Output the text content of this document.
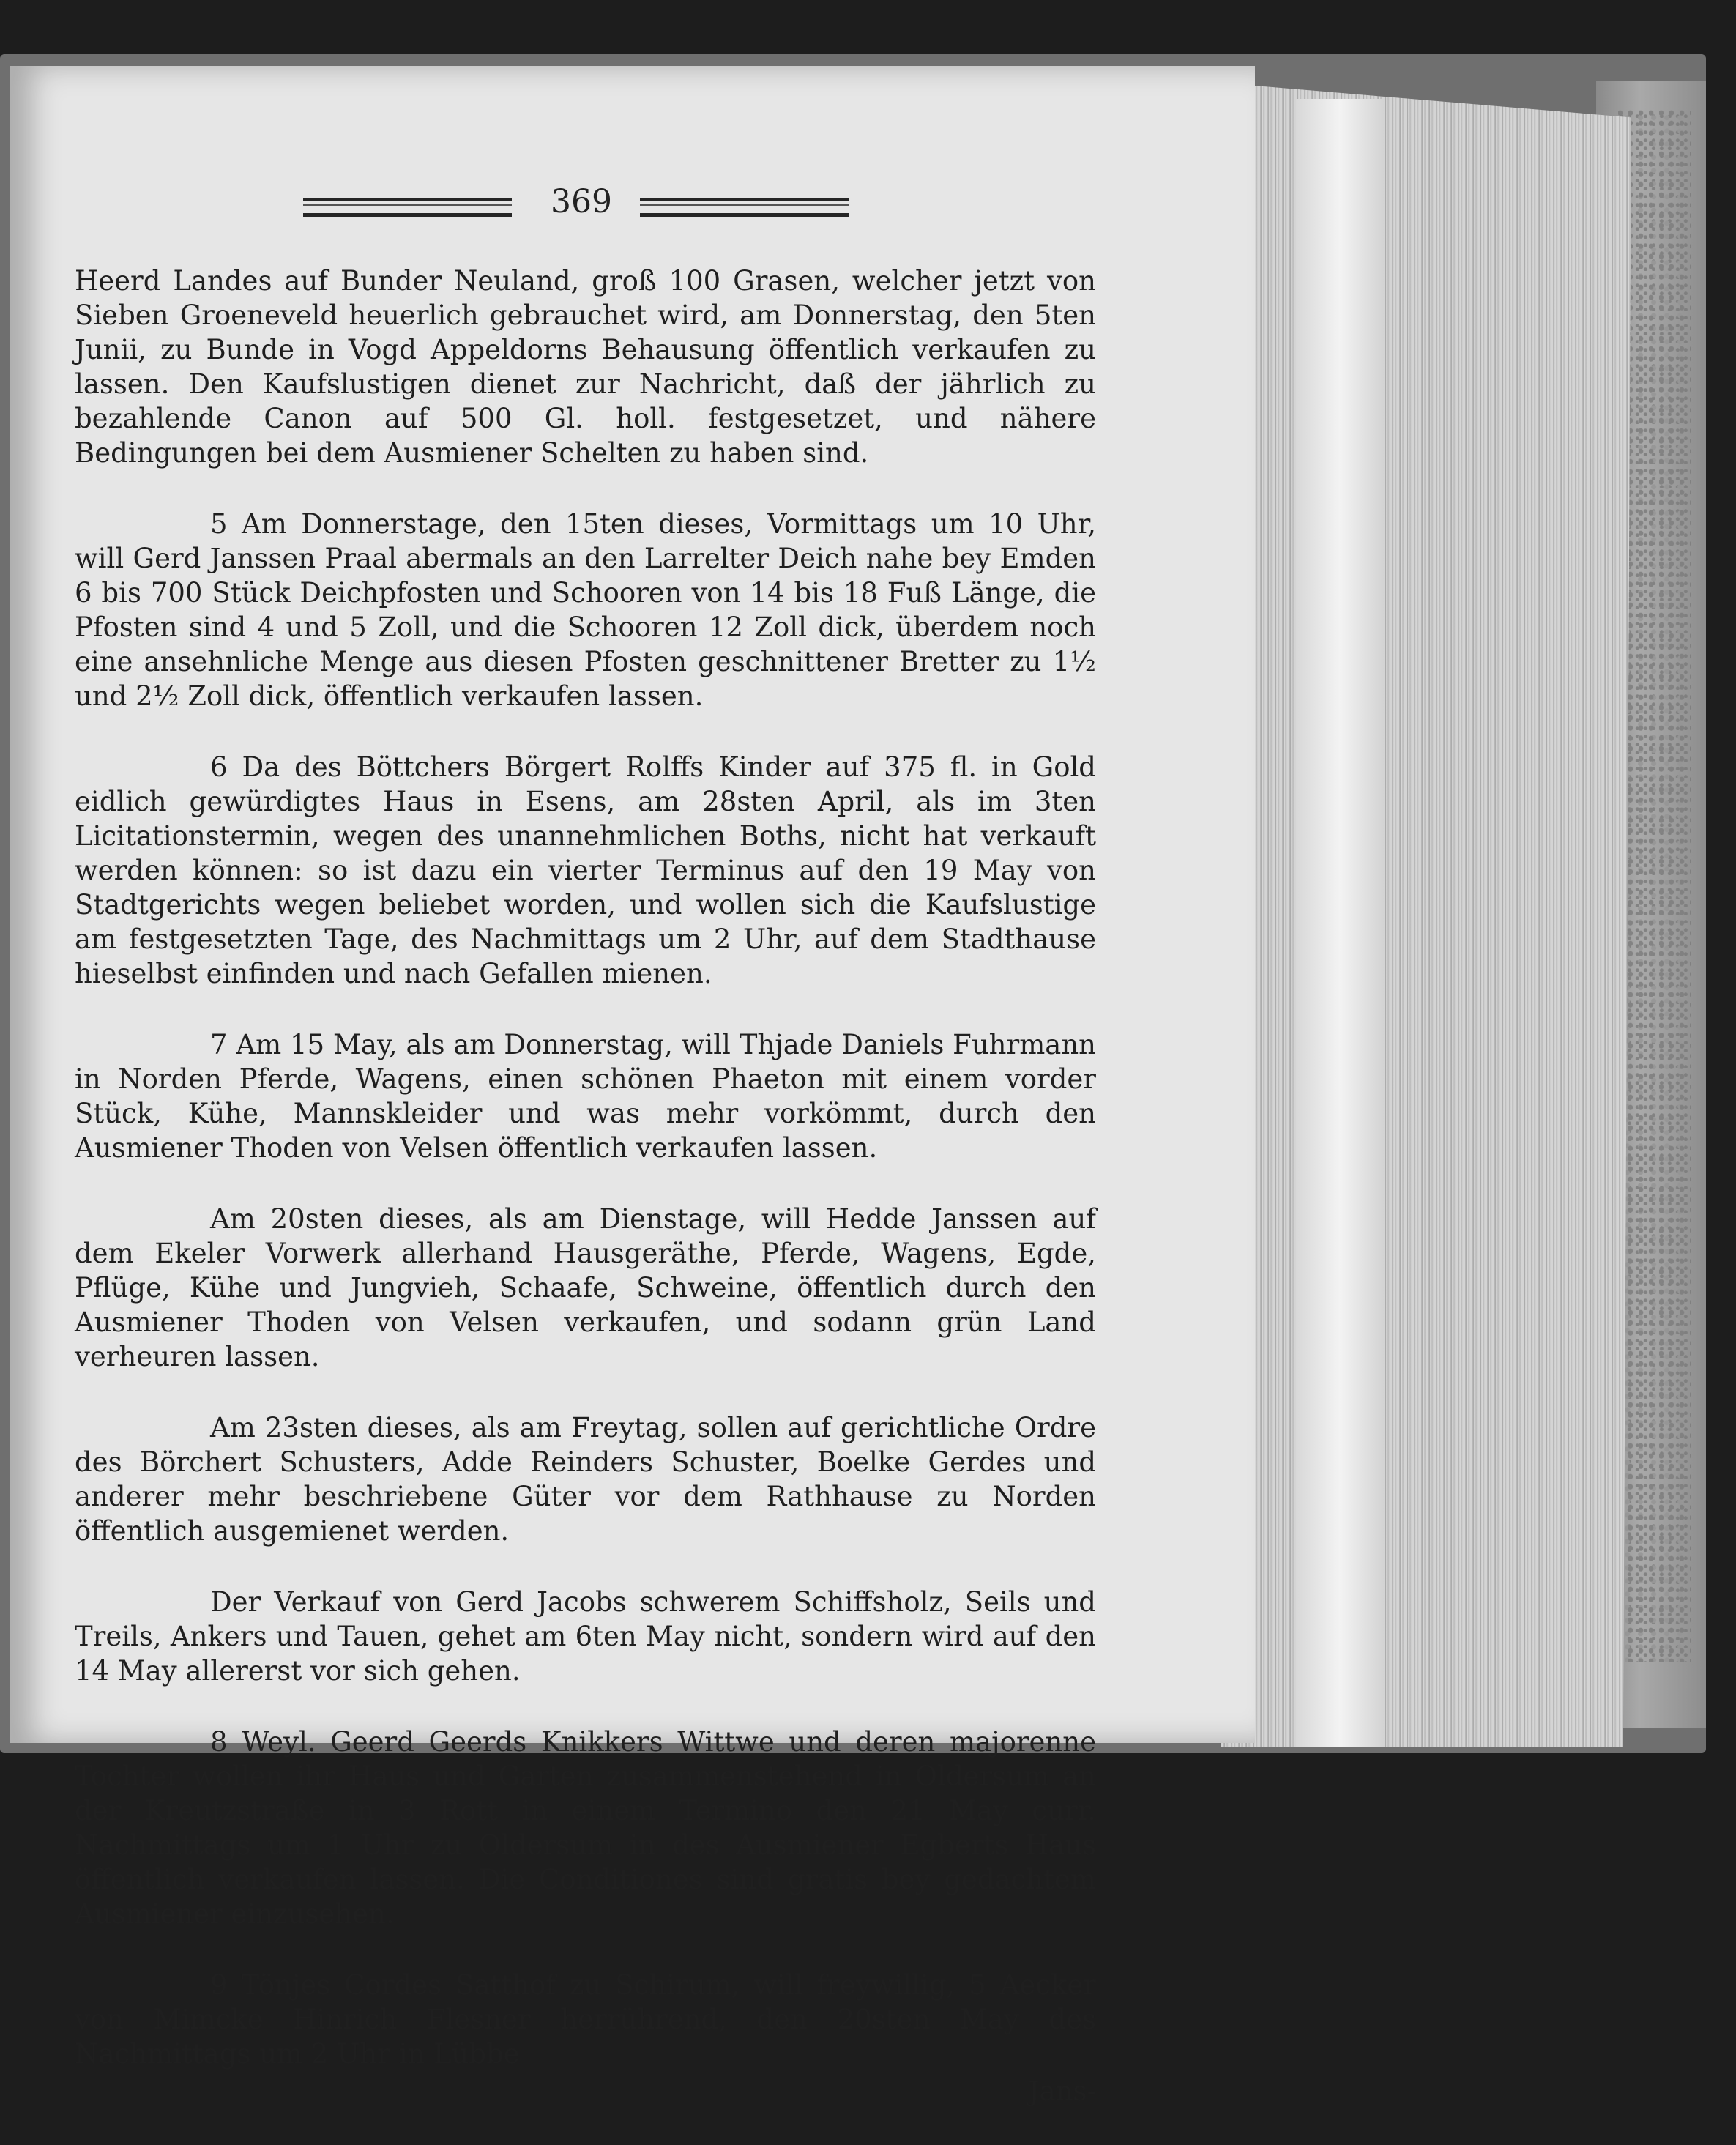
369

Heerd Landes auf Bunder Neuland, groß 100 Grasen, welcher jetzt von Sieben Groeneveld heuerlich gebrauchet wird, am Donnerstag, den 5ten Junii, zu Bunde in Vogd Appeldorns Behausung öffentlich verkaufen zu lassen. Den Kaufslustigen dienet zur Nachricht, daß der jährlich zu bezahlende Canon auf 500 Gl. holl. festgesetzet, und nähere Bedingungen bei dem Ausmiener Schelten zu haben sind.

5 Am Donnerstage, den 15ten dieses, Vormittags um 10 Uhr, will Gerd Janssen Praal abermals an den Larrelter Deich nahe bey Emden 6 bis 700 Stück Deichpfosten und Schooren von 14 bis 18 Fuß Länge, die Pfosten sind 4 und 5 Zoll, und die Schooren 12 Zoll dick, überdem noch eine ansehnliche Menge aus diesen Pfosten geschnittener Bretter zu 1½ und 2½ Zoll dick, öffentlich verkaufen lassen.

6 Da des Böttchers Börgert Rolffs Kinder auf 375 fl. in Gold eidlich gewürdigtes Haus in Esens, am 28sten April, als im 3ten Licitationstermin, wegen des unannehmlichen Boths, nicht hat verkauft werden können: so ist dazu ein vierter Terminus auf den 19 May von Stadtgerichts wegen beliebet worden, und wollen sich die Kaufslustige am festgesetzten Tage, des Nachmittags um 2 Uhr, auf dem Stadthause hieselbst einfinden und nach Gefallen mienen.

7 Am 15 May, als am Donnerstag, will Thjade Daniels Fuhrmann in Norden Pferde, Wagens, einen schönen Phaeton mit einem vorder Stück, Kühe, Mannskleider und was mehr vorkömmt, durch den Ausmiener Thoden von Velsen öffentlich verkaufen lassen.

Am 20sten dieses, als am Dienstage, will Hedde Janssen auf dem Ekeler Vorwerk allerhand Hausgeräthe, Pferde, Wagens, Egde, Pflüge, Kühe und Jungvieh, Schaafe, Schweine, öffentlich durch den Ausmiener Thoden von Velsen verkaufen, und sodann grün Land verheuren lassen.

Am 23sten dieses, als am Freytag, sollen auf gerichtliche Ordre des Börchert Schusters, Adde Reinders Schuster, Boelke Gerdes und anderer mehr beschriebene Güter vor dem Rathhause zu Norden öffentlich ausgemienet werden.

Der Verkauf von Gerd Jacobs schwerem Schiffsholz, Seils und Treils, Ankers und Tauen, gehet am 6ten May nicht, sondern wird auf den 14 May allererst vor sich gehen.

8 Weyl. Geerd Geerds Knikkers Wittwe und deren majorenne Tochter wollen ihr Haus und Garten zusammenstehend in Oldersum an der Kreutzstraße in 3 Rott in einem Termino den 21 May curr. Nachmittags um 1 Uhr zu Oldersum in des Ausmiener Egberts Haus öffentlich verkaufen lassen. Die Conditiones sind gratis bey gedachtem Ausmiener einzusehen.

9 Tönjes Cordes Satthof zu Schirum, will freywillig, 5 Aecker von Mimcke Hinrich Flesner herrührend, den 20sten May des Nachmittags um 2 Uhr in Lübbe

Jans-
